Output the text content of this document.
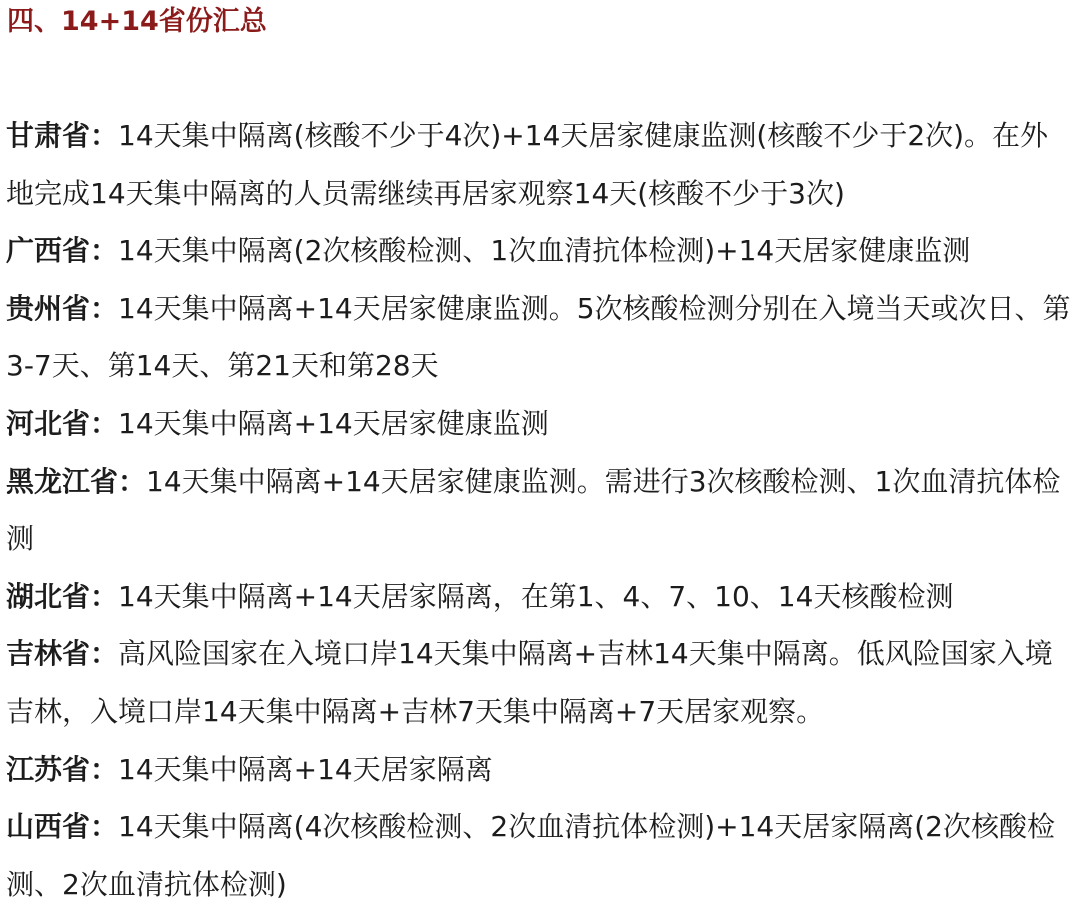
四、14+14省份汇总
甘肃省：14天集中隔离(核酸不少于4次)+14天居家健康监测(核酸不少于2次)。在外地完成14天集中隔离的人员需继续再居家观察14天(核酸不少于3次)
广西省：14天集中隔离(2次核酸检测、1次血清抗体检测)+14天居家健康监测
贵州省：14天集中隔离+14天居家健康监测。5次核酸检测分别在入境当天或次日、第3-7天、第14天、第21天和第28天
河北省：14天集中隔离+14天居家健康监测
黑龙江省：14天集中隔离+14天居家健康监测。需进行3次核酸检测、1次血清抗体检测
湖北省：14天集中隔离+14天居家隔离，在第1、4、7、10、14天核酸检测
吉林省：高风险国家在入境口岸14天集中隔离+吉林14天集中隔离。低风险国家入境吉林，入境口岸14天集中隔离+吉林7天集中隔离+7天居家观察。
江苏省：14天集中隔离+14天居家隔离
山西省：14天集中隔离(4次核酸检测、2次血清抗体检测)+14天居家隔离(2次核酸检测、2次血清抗体检测)
